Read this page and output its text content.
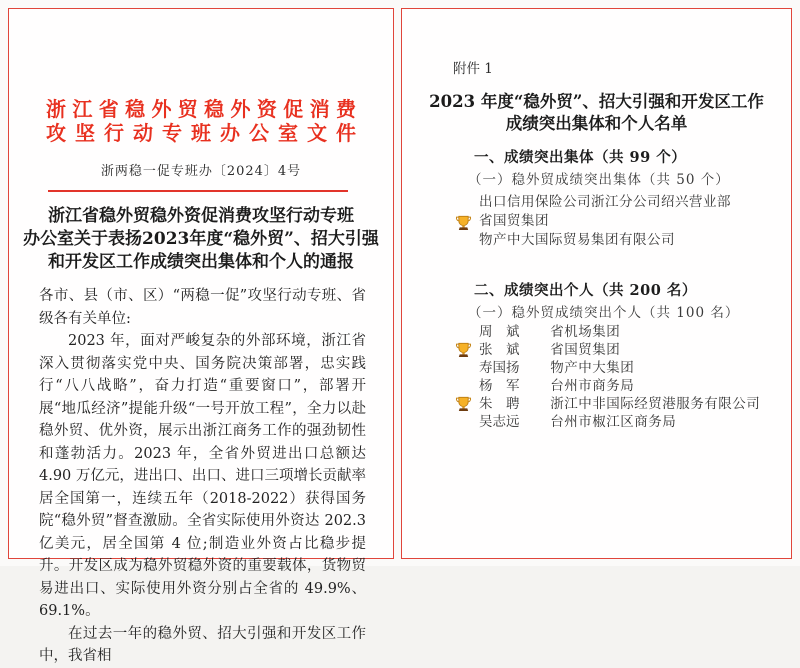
浙 江 省 稳 外 贸 稳 外 资 促 消 费
攻 坚 行 动 专 班 办 公 室 文 件
浙两稳一促专班办〔2024〕4号
浙江省稳外贸稳外资促消费攻坚行动专班
办公室关于表扬2023年度“稳外贸”、招大引强
和开发区工作成绩突出集体和个人的通报

各市、县（市、区）“两稳一促”攻坚行动专班、省级各有关单位:

2023 年，面对严峻复杂的外部环境，浙江省深入贯彻落实党中央、国务院决策部署，忠实践行“八八战略”，奋力打造“重要窗口”，部署开展“地瓜经济”提能升级“一号开放工程”，全力以赴稳外贸、优外资，展示出浙江商务工作的强劲韧性和蓬勃活力。2023 年，全省外贸进出口总额达 4.90 万亿元，进出口、出口、进口三项增长贡献率居全国第一，连续五年（2018-2022）获得国务院“稳外贸”督查激励。全省实际使用外资达 202.3 亿美元，居全国第 4 位;制造业外资占比稳步提升。开发区成为稳外贸稳外资的重要载体，货物贸易进出口、实际使用外资分别占全省的 49.9%、69.1%。

在过去一年的稳外贸、招大引强和开发区工作中，我省相

附件 1
2023 年度“稳外贸”、招大引强和开发区工作
成绩突出集体和个人名单
一、成绩突出集体（共 99 个）
（一）稳外贸成绩突出集体（共 50 个）
出口信用保险公司浙江分公司绍兴营业部
省国贸集团
物产中大国际贸易集团有限公司
二、成绩突出个人（共 200 名）
（一）稳外贸成绩突出个人（共 100 名）
周　斌 省机场集团
张　斌 省国贸集团
寿国扬 物产中大集团
杨　军 台州市商务局
朱　聘 浙江中非国际经贸港服务有限公司
吴志远 台州市椒江区商务局
